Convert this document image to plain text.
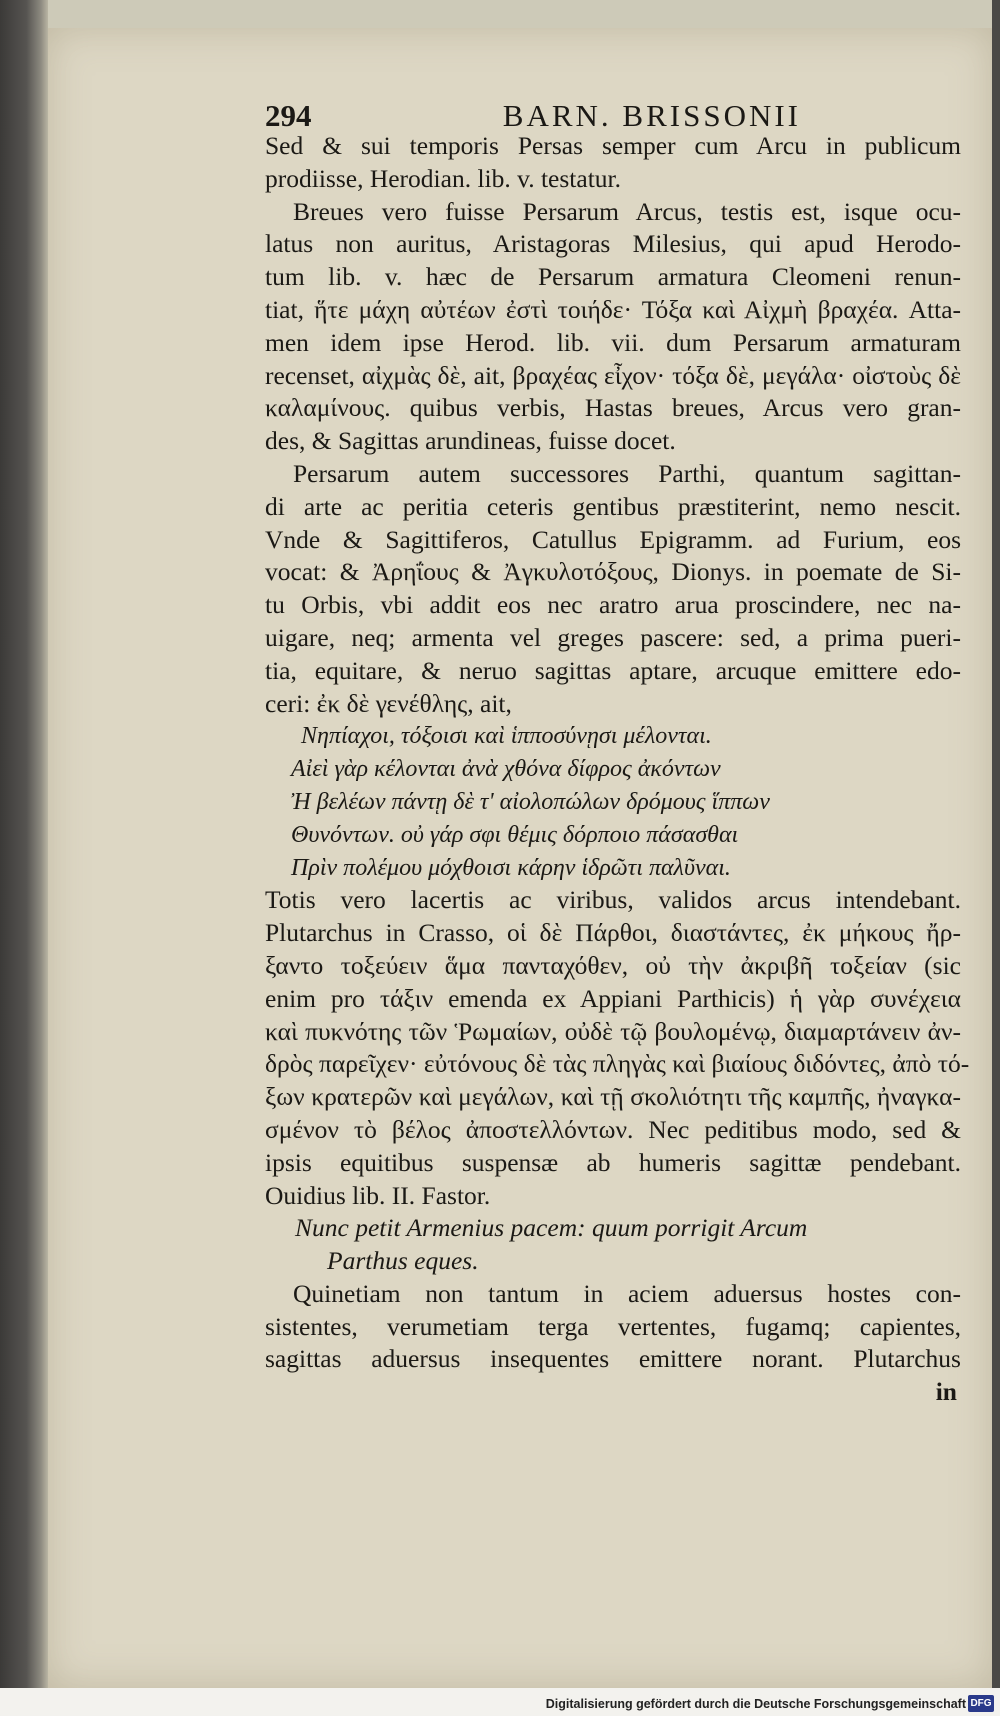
294	BARN. BRISSONII
Sed & sui temporis Persas semper cum Arcu in publicum
prodiisse, Herodian. lib. v. testatur.
Breues vero fuisse Persarum Arcus, testis est, isque ocu-
latus non auritus, Aristagoras Milesius, qui apud Herodo-
tum lib. v. hæc de Persarum armatura Cleomeni renun-
tiat, ἥτε μάχη αὐτέων ἐστὶ τοιήδε· Τόξα καὶ Αἰχμὴ βραχέα. Atta-
men idem ipse Herod. lib. vii. dum Persarum armaturam
recenset, αἰχμὰς δὲ, ait, βραχέας εἶχον· τόξα δὲ, μεγάλα· οἰστοὺς δὲ
καλαμίνους. quibus verbis, Hastas breues, Arcus vero gran-
des, & Sagittas arundineas, fuisse docet.
Persarum autem successores Parthi, quantum sagittan-
di arte ac peritia ceteris gentibus præstiterint, nemo nescit.
Vnde & Sagittiferos, Catullus Epigramm. ad Furium, eos
vocat: & Ἀρηΐους & Ἀγκυλοτόξους, Dionys. in poemate de Si-
tu Orbis, vbi addit eos nec aratro arua proscindere, nec na-
uigare, neq; armenta vel greges pascere: sed, a prima pueri-
tia, equitare, & neruo sagittas aptare, arcuque emittere edo-
ceri: ἐκ δὲ γενέθλης, ait,
Νηπίαχοι, τόξοισι καὶ ἱπποσύνῃσι μέλονται.
Αἰεὶ γὰρ κέλονται ἀνὰ χθόνα δίφρος ἀκόντων
Ἠ βελέων πάντῃ δὲ τ' αἰολοπώλων δρόμους ἵππων
Θυνόντων. οὐ γάρ σφι θέμις δόρποιο πάσασθαι
Πρὶν πολέμου μόχθοισι κάρην ἱδρῶτι παλῦναι.
Totis vero lacertis ac viribus, validos arcus intendebant.
Plutarchus in Crasso, οἱ δὲ Πάρθοι, διαστάντες, ἐκ μήκους ἤρ-
ξαντο τοξεύειν ἅμα πανταχόθεν, οὐ τὴν ἀκριβῆ τοξείαν (sic
enim pro τάξιν emenda ex Appiani Parthicis) ἡ γὰρ συνέχεια
καὶ πυκνότης τῶν Ῥωμαίων, οὐδὲ τῷ βουλομένῳ, διαμαρτάνειν ἀν-
δρὸς παρεῖχεν· εὐτόνους δὲ τὰς πληγὰς καὶ βιαίους διδόντες, ἀπὸ τό-
ξων κρατερῶν καὶ μεγάλων, καὶ τῇ σκολιότητι τῆς καμπῆς, ἠναγκα-
σμένον τὸ βέλος ἀποστελλόντων. Nec peditibus modo, sed &
ipsis equitibus suspensæ ab humeris sagittæ pendebant.
Ouidius lib. II. Fastor.
Nunc petit Armenius pacem: quum porrigit Arcum
Parthus eques.
Quinetiam non tantum in aciem aduersus hostes con-
sistentes, verumetiam terga vertentes, fugamq; capientes,
sagittas aduersus insequentes emittere norant. Plutarchus
in
Digitalisierung gefördert durch die Deutsche Forschungsgemeinschaft DFG
